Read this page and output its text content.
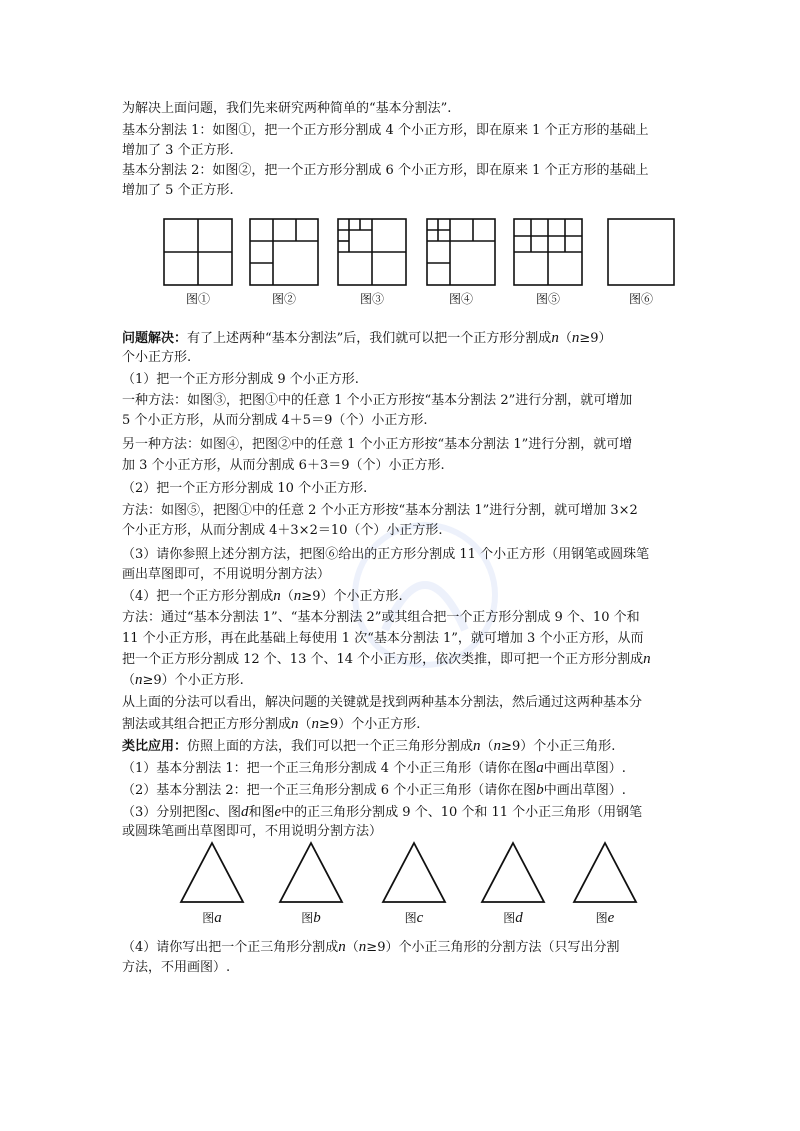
为解决上面问题，我们先来研究两种简单的“基本分割法”.
基本分割法 1：如图①，把一个正方形分割成 4 个小正方形，即在原来 1 个正方形的基础上
增加了 3 个正方形.
基本分割法 2：如图②，把一个正方形分割成 6 个小正方形，即在原来 1 个正方形的基础上
增加了 5 个正方形.
图①	图②	图③	图④	图⑤	图⑥
问题解决：有了上述两种“基本分割法”后，我们就可以把一个正方形分割成n（n≥9）
个小正方形.
（1）把一个正方形分割成 9 个小正方形.
一种方法：如图③，把图①中的任意 1 个小正方形按“基本分割法 2”进行分割，就可增加
5 个小正方形，从而分割成 4＋5＝9（个）小正方形.
另一种方法：如图④，把图②中的任意 1 个小正方形按“基本分割法 1”进行分割，就可增
加 3 个小正方形，从而分割成 6＋3＝9（个）小正方形.
（2）把一个正方形分割成 10 个小正方形.
方法：如图⑤，把图①中的任意 2 个小正方形按“基本分割法 1”进行分割，就可增加 3×2
个小正方形，从而分割成 4＋3×2＝10（个）小正方形.
（3）请你参照上述分割方法，把图⑥给出的正方形分割成 11 个小正方形（用钢笔或圆珠笔
画出草图即可，不用说明分割方法）
（4）把一个正方形分割成n（n≥9）个小正方形.
方法：通过“基本分割法 1”、“基本分割法 2”或其组合把一个正方形分割成 9 个、10 个和
11 个小正方形，再在此基础上每使用 1 次“基本分割法 1”，就可增加 3 个小正方形，从而
把一个正方形分割成 12 个、13 个、14 个小正方形，依次类推，即可把一个正方形分割成n
（n≥9）个小正方形.
从上面的分法可以看出，解决问题的关键就是找到两种基本分割法，然后通过这两种基本分
割法或其组合把正方形分割成n（n≥9）个小正方形.
类比应用：仿照上面的方法，我们可以把一个正三角形分割成n（n≥9）个小正三角形.
（1）基本分割法 1：把一个正三角形分割成 4 个小正三角形（请你在图a中画出草图）.
（2）基本分割法 2：把一个正三角形分割成 6 个小正三角形（请你在图b中画出草图）.
（3）分别把图c、图d和图e中的正三角形分割成 9 个、10 个和 11 个小正三角形（用钢笔
或圆珠笔画出草图即可，不用说明分割方法）
图a	图b	图c	图d	图e
（4）请你写出把一个正三角形分割成n（n≥9）个小正三角形的分割方法（只写出分割
方法，不用画图）.
